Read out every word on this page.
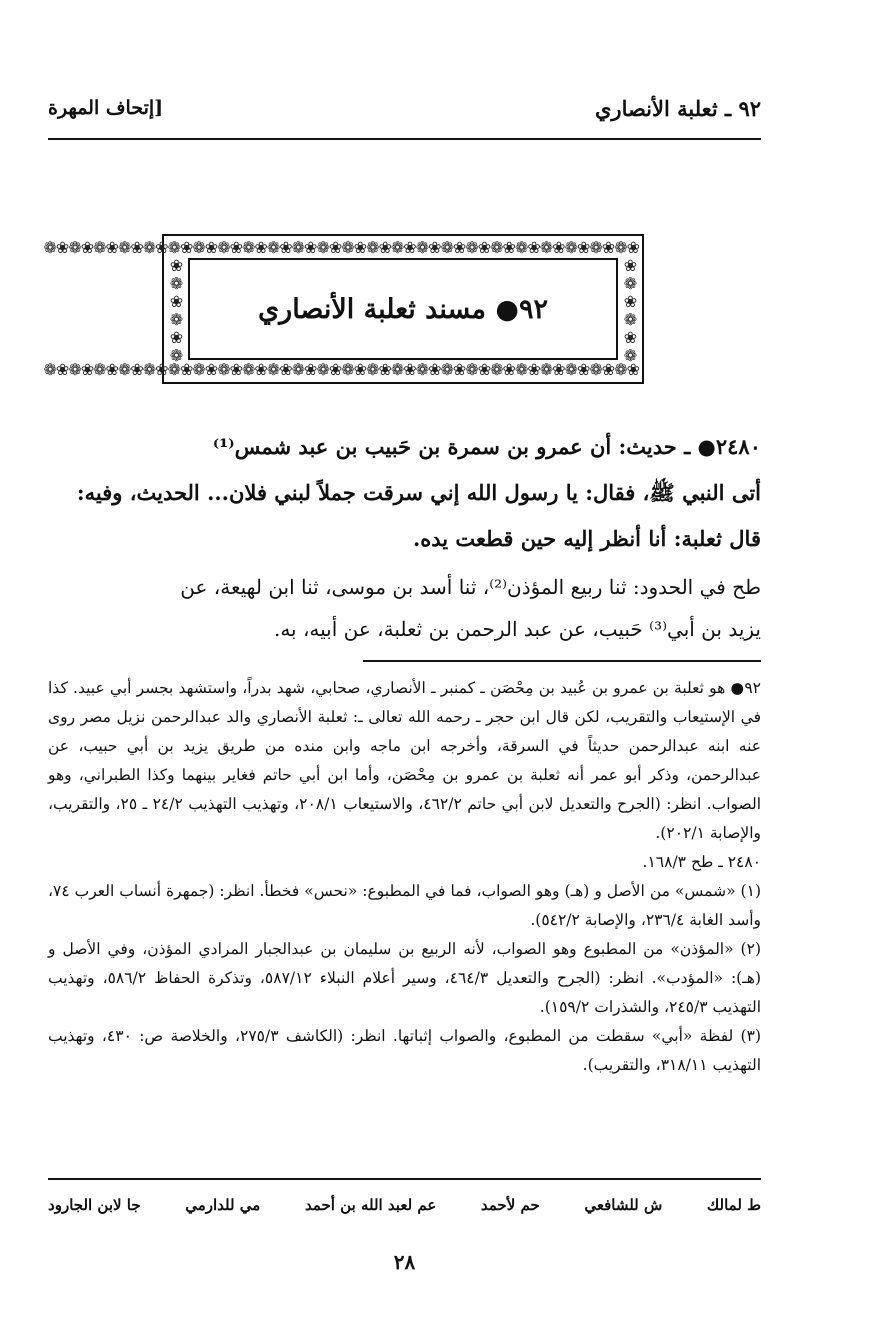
٩٢ ـ ثعلبة الأنصاري
[إتحاف المهرة
❀❁❀❁❀❁❀❁❀❁❀❁❀❁❀❁❀❁❀❁❀❁❀❁❀❁❀❁❀❁❀❁❀❁❀❁❀❁❀❁❀❁❀❁❀❁❀❁
❀
❁
❀
❁
❀
❁
❀
❁
❀
❁
❀
❁
❀❁❀❁❀❁❀❁❀❁❀❁❀❁❀❁❀❁❀❁❀❁❀❁❀❁❀❁❀❁❀❁❀❁❀❁❀❁❀❁❀❁❀❁❀❁❀❁
٩٢● مسند ثعلبة الأنصاري

٢٤٨٠● ـ حديث: أن عمرو بن سمرة بن حَبيب بن عبد شمس⁽¹⁾

أتى النبي ﷺ، فقال: يا رسول الله إني سرقت جملاً لبني فلان... الحديث، وفيه:

قال ثعلبة: أنا أنظر إليه حين قطعت يده.

طح في الحدود: ثنا ربيع المؤذن⁽²⁾، ثنا أسد بن موسى، ثنا ابن لهيعة، عن

يزيد بن أبي⁽³⁾ حَبيب، عن عبد الرحمن بن ثعلبة، عن أبيه، به.

٩٢● هو ثعلبة بن عمرو بن عُبيد بن مِحْصَن ـ كمنبر ـ الأنصاري، صحابي، شهد بدراً، واستشهد بجسر أبي عبيد. كذا في الإستيعاب والتقريب، لكن قال ابن حجر ـ رحمه الله تعالى ـ: ثعلبة الأنصاري والد عبدالرحمن نزيل مصر روى عنه ابنه عبدالرحمن حديثاً في السرقة، وأخرجه ابن ماجه وابن منده من طريق يزيد بن أبي حبيب، عن عبدالرحمن، وذكر أبو عمر أنه ثعلبة بن عمرو بن مِحْصَن، وأما ابن أبي حاتم فغاير بينهما وكذا الطبراني، وهو الصواب. انظر: (الجرح والتعديل لابن أبي حاتم ٤٦٢/٢، والاستيعاب ٢٠٨/١، وتهذيب التهذيب ٢٤/٢ ـ ٢٥، والتقريب، والإصابة ٢٠٢/١).

٢٤٨٠ ـ طح ١٦٨/٣.

(١) «شمس» من الأصل و (هـ) وهو الصواب، فما في المطبوع: «نحس» فخطأ. انظر: (جمهرة أنساب العرب ٧٤، وأسد الغابة ٢٣٦/٤، والإصابة ٥٤٢/٢).

(٢) «المؤذن» من المطبوع وهو الصواب، لأنه الربيع بن سليمان بن عبدالجبار المرادي المؤذن، وفي الأصل و (هـ): «المؤدب». انظر: (الجرح والتعديل ٤٦٤/٣، وسير أعلام النبلاء ٥٨٧/١٢، وتذكرة الحفاظ ٥٨٦/٢، وتهذيب التهذيب ٢٤٥/٣، والشذرات ١٥٩/٢).

(٣) لفظة «أبي» سقطت من المطبوع، والصواب إثباتها. انظر: (الكاشف ٢٧٥/٣، والخلاصة ص: ٤٣٠، وتهذيب التهذيب ٣١٨/١١، والتقريب).

ط لمالك
ش للشافعي
حم لأحمد
عم لعبد الله بن أحمد
مي للدارمي
جا لابن الجارود
٢٨
